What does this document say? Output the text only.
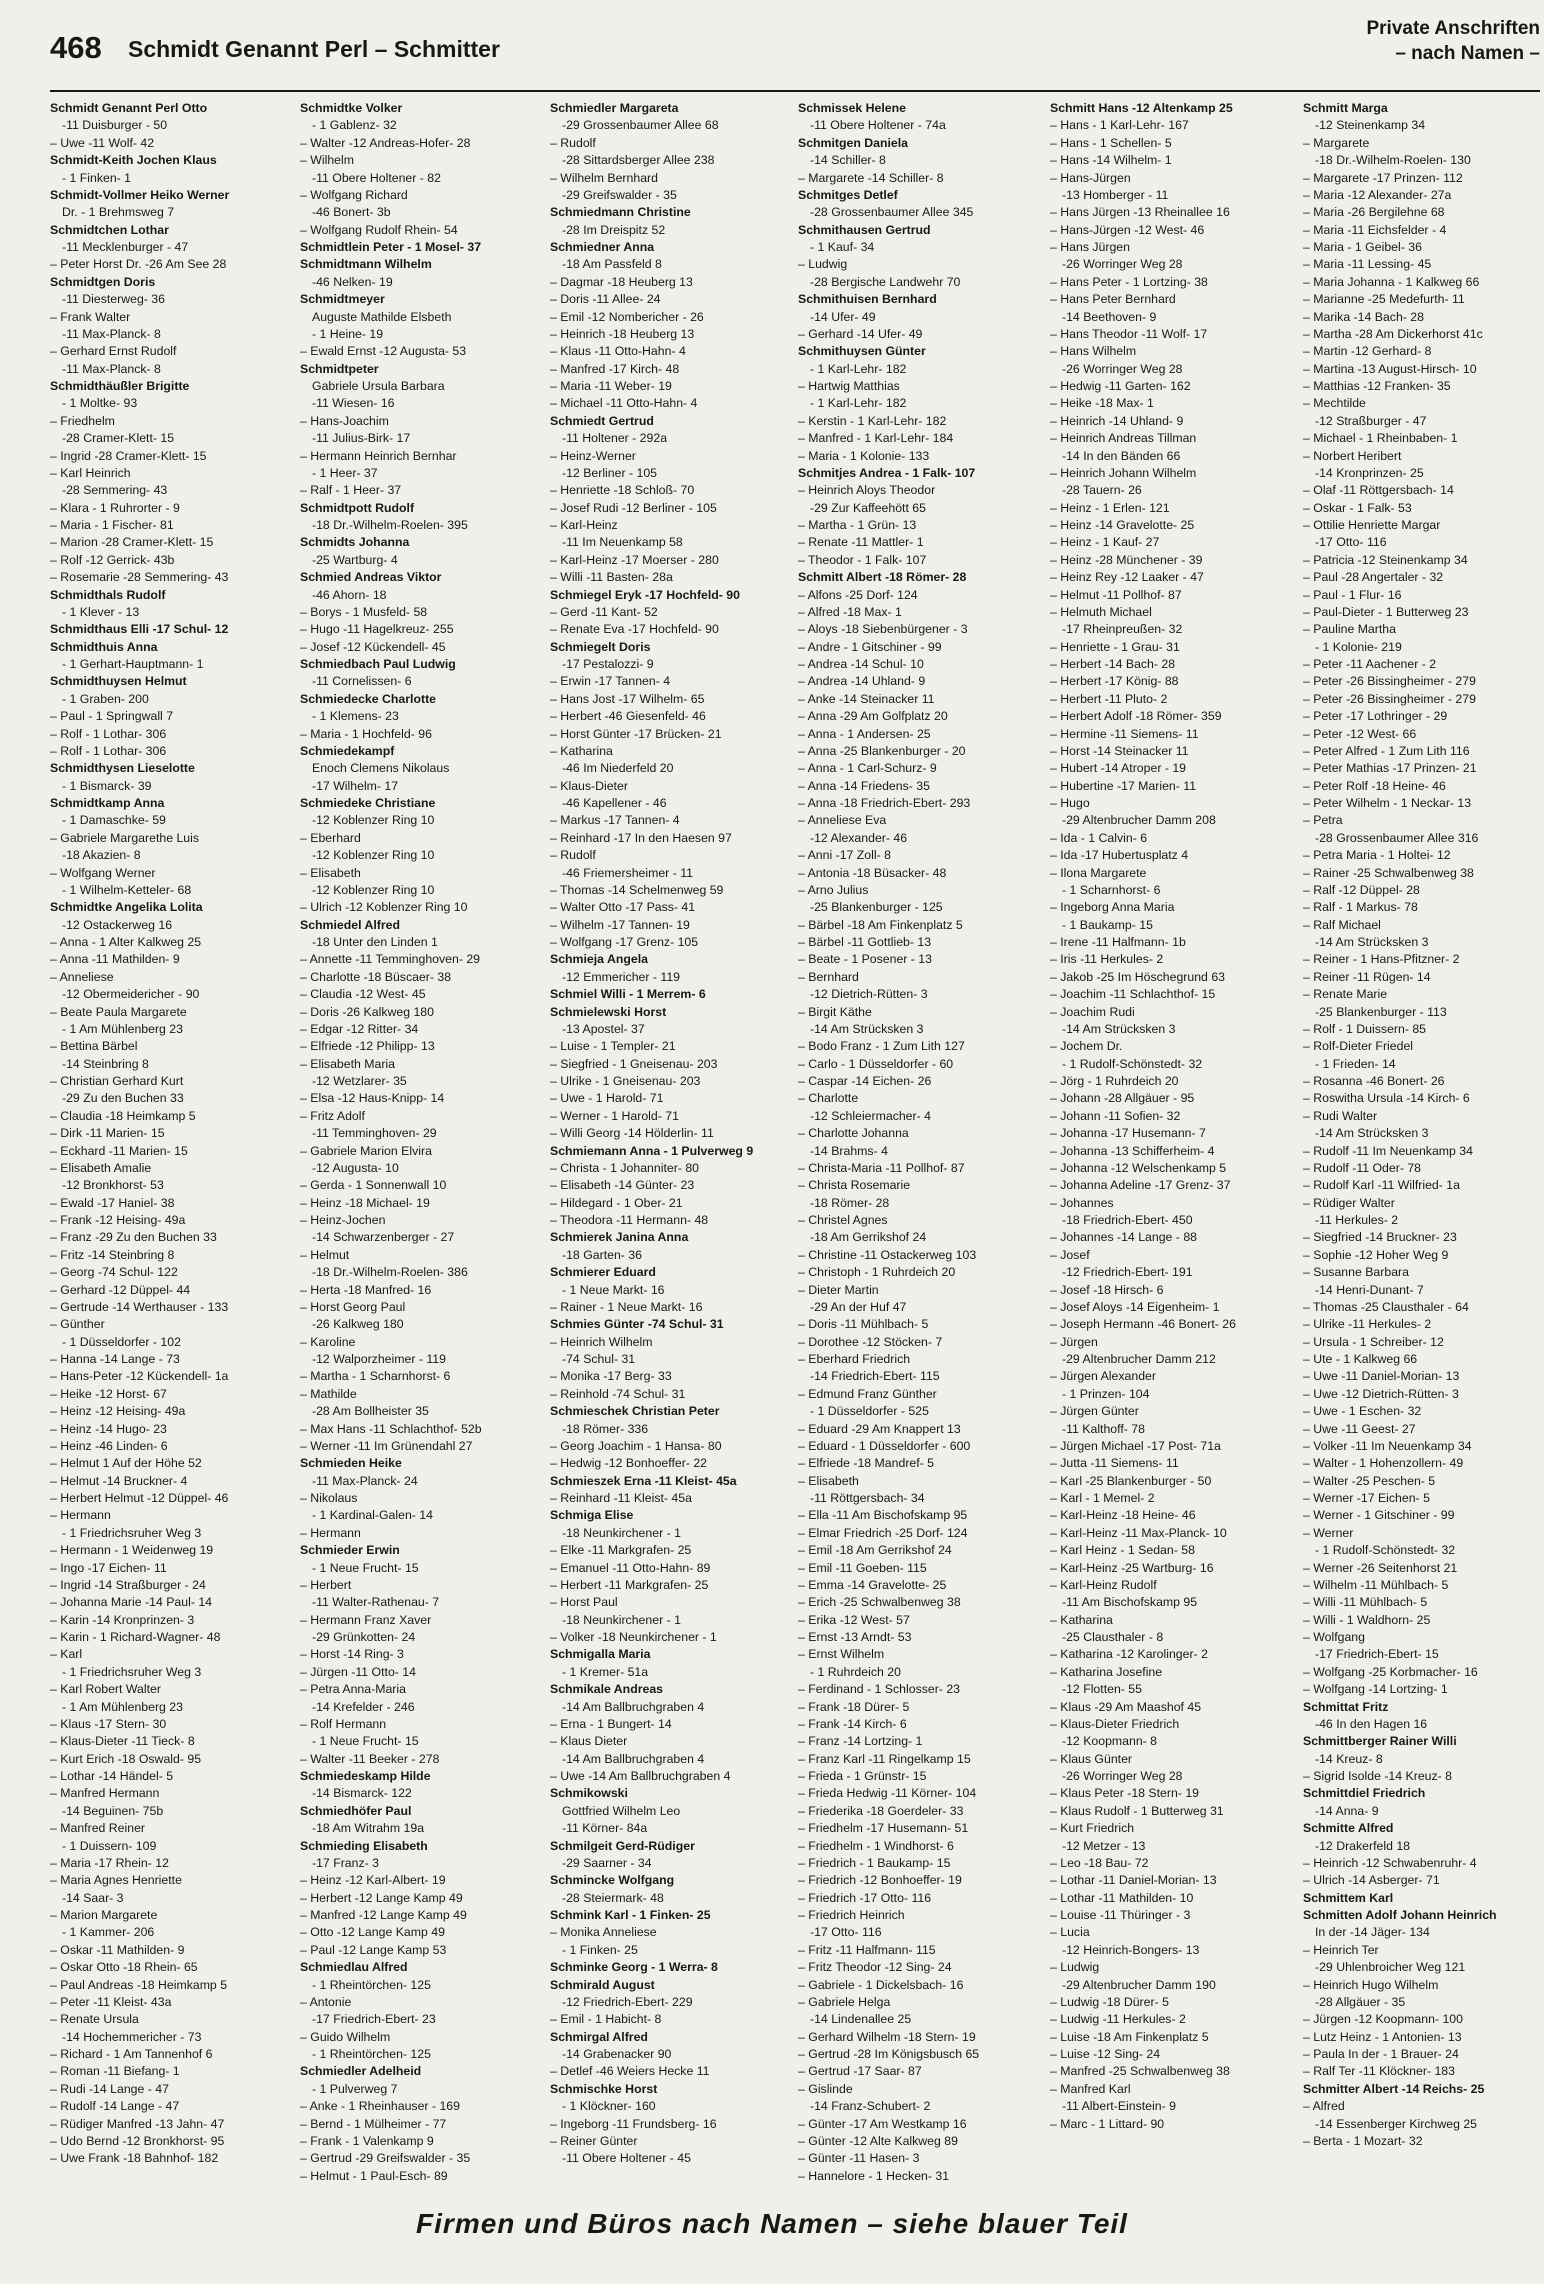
468 Schmidt Genannt Perl – Schmitter
Private Anschriften
– nach Namen –
Schmidt Genannt Perl Otto
-11 Duisburger - 50
– Uwe -11 Wolf- 42
Schmidt-Keith Jochen Klaus
- 1 Finken- 1
Schmidt-Vollmer Heiko Werner
Dr. - 1 Brehmsweg 7
Schmidtchen Lothar
-11 Mecklenburger - 47
– Peter Horst Dr. -26 Am See 28
Schmidtgen Doris
-11 Diesterweg- 36
– Frank Walter
-11 Max-Planck- 8
– Gerhard Ernst Rudolf
-11 Max-Planck- 8
Schmidthäußler Brigitte
- 1 Moltke- 93
– Friedhelm
-28 Cramer-Klett- 15
– Ingrid -28 Cramer-Klett- 15
– Karl Heinrich
-28 Semmering- 43
– Klara - 1 Ruhrorter - 9
– Maria - 1 Fischer- 81
– Marion -28 Cramer-Klett- 15
– Rolf -12 Gerrick- 43b
– Rosemarie -28 Semmering- 43
Schmidthals Rudolf
- 1 Klever - 13
Schmidthaus Elli -17 Schul- 12
Schmidthuis Anna
- 1 Gerhart-Hauptmann- 1
Schmidthuysen Helmut
- 1 Graben- 200
– Paul - 1 Springwall 7
– Rolf - 1 Lothar- 306
– Rolf - 1 Lothar- 306
Schmidthysen Lieselotte
- 1 Bismarck- 39
Schmidtkamp Anna
- 1 Damaschke- 59
– Gabriele Margarethe Luis
-18 Akazien- 8
– Wolfgang Werner
- 1 Wilhelm-Ketteler- 68
Schmidtke Angelika Lolita
-12 Ostackerweg 16
– Anna - 1 Alter Kalkweg 25
– Anna -11 Mathilden- 9
– Anneliese
-12 Obermeidericher - 90
– Beate Paula Margarete
- 1 Am Mühlenberg 23
– Bettina Bärbel
-14 Steinbring 8
– Christian Gerhard Kurt
-29 Zu den Buchen 33
– Claudia -18 Heimkamp 5
– Dirk -11 Marien- 15
– Eckhard -11 Marien- 15
– Elisabeth Amalie
-12 Bronkhorst- 53
– Ewald -17 Haniel- 38
– Frank -12 Heising- 49a
– Franz -29 Zu den Buchen 33
– Fritz -14 Steinbring 8
– Georg -74 Schul- 122
– Gerhard -12 Düppel- 44
– Gertrude -14 Werthauser - 133
– Günther
- 1 Düsseldorfer - 102
– Hanna -14 Lange - 73
– Hans-Peter -12 Kückendell- 1a
– Heike -12 Horst- 67
– Heinz -12 Heising- 49a
– Heinz -14 Hugo- 23
– Heinz -46 Linden- 6
– Helmut 1 Auf der Höhe 52
– Helmut -14 Bruckner- 4
– Herbert Helmut -12 Düppel- 46
– Hermann
- 1 Friedrichsruher Weg 3
– Hermann - 1 Weidenweg 19
– Ingo -17 Eichen- 11
– Ingrid -14 Straßburger - 24
– Johanna Marie -14 Paul- 14
– Karin -14 Kronprinzen- 3
– Karin - 1 Richard-Wagner- 48
– Karl
- 1 Friedrichsruher Weg 3
– Karl Robert Walter
- 1 Am Mühlenberg 23
– Klaus -17 Stern- 30
– Klaus-Dieter -11 Tieck- 8
– Kurt Erich -18 Oswald- 95
– Lothar -14 Händel- 5
– Manfred Hermann
-14 Beguinen- 75b
– Manfred Reiner
- 1 Duissern- 109
– Maria -17 Rhein- 12
– Maria Agnes Henriette
-14 Saar- 3
– Marion Margarete
- 1 Kammer- 206
– Oskar -11 Mathilden- 9
– Oskar Otto -18 Rhein- 65
– Paul Andreas -18 Heimkamp 5
– Peter -11 Kleist- 43a
– Renate Ursula
-14 Hochemmericher - 73
– Richard - 1 Am Tannenhof 6
– Roman -11 Biefang- 1
– Rudi -14 Lange - 47
– Rudolf -14 Lange - 47
– Rüdiger Manfred -13 Jahn- 47
– Udo Bernd -12 Bronkhorst- 95
– Uwe Frank -18 Bahnhof- 182
Schmidtke Volker
- 1 Gablenz- 32
– Walter -12 Andreas-Hofer- 28
– Wilhelm
-11 Obere Holtener - 82
– Wolfgang Richard
-46 Bonert- 3b
– Wolfgang Rudolf Rhein- 54
Schmidtlein Peter - 1 Mosel- 37
Schmidtmann Wilhelm
-46 Nelken- 19
Schmidtmeyer
Auguste Mathilde Elsbeth
- 1 Heine- 19
– Ewald Ernst -12 Augusta- 53
Schmidtpeter
Gabriele Ursula Barbara
-11 Wiesen- 16
– Hans-Joachim
-11 Julius-Birk- 17
– Hermann Heinrich Bernhar
- 1 Heer- 37
– Ralf - 1 Heer- 37
Schmidtpott Rudolf
-18 Dr.-Wilhelm-Roelen- 395
Schmidts Johanna
-25 Wartburg- 4
Schmied Andreas Viktor
-46 Ahorn- 18
– Borys - 1 Musfeld- 58
– Hugo -11 Hagelkreuz- 255
– Josef -12 Kückendell- 45
Schmiedbach Paul Ludwig
-11 Cornelissen- 6
Schmiedecke Charlotte
- 1 Klemens- 23
– Maria - 1 Hochfeld- 96
Schmiedekampf
Enoch Clemens Nikolaus
-17 Wilhelm- 17
Schmiedeke Christiane
-12 Koblenzer Ring 10
– Eberhard
-12 Koblenzer Ring 10
– Elisabeth
-12 Koblenzer Ring 10
– Ulrich -12 Koblenzer Ring 10
Schmiedel Alfred
-18 Unter den Linden 1
– Annette -11 Temminghoven- 29
– Charlotte -18 Büscaer- 38
– Claudia -12 West- 45
– Doris -26 Kalkweg 180
– Edgar -12 Ritter- 34
– Elfriede -12 Philipp- 13
– Elisabeth Maria
-12 Wetzlarer- 35
– Elsa -12 Haus-Knipp- 14
– Fritz Adolf
-11 Temminghoven- 29
– Gabriele Marion Elvira
-12 Augusta- 10
– Gerda - 1 Sonnenwall 10
– Heinz -18 Michael- 19
– Heinz-Jochen
-14 Schwarzenberger - 27
– Helmut
-18 Dr.-Wilhelm-Roelen- 386
– Herta -18 Manfred- 16
– Horst Georg Paul
-26 Kalkweg 180
– Karoline
-12 Walporzheimer - 119
– Martha - 1 Scharnhorst- 6
– Mathilde
-28 Am Bollheister 35
– Max Hans -11 Schlachthof- 52b
– Werner -11 Im Grünendahl 27
Schmieden Heike
-11 Max-Planck- 24
– Nikolaus
- 1 Kardinal-Galen- 14
– Hermann
Schmieder Erwin
- 1 Neue Frucht- 15
– Herbert
-11 Walter-Rathenau- 7
– Hermann Franz Xaver
-29 Grünkotten- 24
– Horst -14 Ring- 3
– Jürgen -11 Otto- 14
– Petra Anna-Maria
-14 Krefelder - 246
– Rolf Hermann
- 1 Neue Frucht- 15
– Walter -11 Beeker - 278
Schmiedeskamp Hilde
-14 Bismarck- 122
Schmiedhöfer Paul
-18 Am Witrahm 19a
Schmieding Elisabeth
-17 Franz- 3
– Heinz -12 Karl-Albert- 19
– Herbert -12 Lange Kamp 49
– Manfred -12 Lange Kamp 49
– Otto -12 Lange Kamp 49
– Paul -12 Lange Kamp 53
Schmiedlau Alfred
- 1 Rheintörchen- 125
– Antonie
-17 Friedrich-Ebert- 23
– Guido Wilhelm
- 1 Rheintörchen- 125
Schmiedler Adelheid
- 1 Pulverweg 7
– Anke - 1 Rheinhauser - 169
– Bernd - 1 Mülheimer - 77
– Frank - 1 Valenkamp 9
– Gertrud -29 Greifswalder - 35
– Helmut - 1 Paul-Esch- 89
Schmiedler Margareta
-29 Grossenbaumer Allee 68
– Rudolf
-28 Sittardsberger Allee 238
– Wilhelm Bernhard
-29 Greifswalder - 35
Schmiedmann Christine
-28 Im Dreispitz 52
Schmiedner Anna
-18 Am Passfeld 8
– Dagmar -18 Heuberg 13
– Doris -11 Allee- 24
– Emil -12 Nombericher - 26
– Heinrich -18 Heuberg 13
– Klaus -11 Otto-Hahn- 4
– Manfred -17 Kirch- 48
– Maria -11 Weber- 19
– Michael -11 Otto-Hahn- 4
Schmiedt Gertrud
-11 Holtener - 292a
– Heinz-Werner
-12 Berliner - 105
– Henriette -18 Schloß- 70
– Josef Rudi -12 Berliner - 105
– Karl-Heinz
-11 Im Neuenkamp 58
– Karl-Heinz -17 Moerser - 280
– Willi -11 Basten- 28a
Schmiegel Eryk -17 Hochfeld- 90
– Gerd -11 Kant- 52
– Renate Eva -17 Hochfeld- 90
Schmiegelt Doris
-17 Pestalozzi- 9
– Erwin -17 Tannen- 4
– Hans Jost -17 Wilhelm- 65
– Herbert -46 Giesenfeld- 46
– Horst Günter -17 Brücken- 21
– Katharina
-46 Im Niederfeld 20
– Klaus-Dieter
-46 Kapellener - 46
– Markus -17 Tannen- 4
– Reinhard -17 In den Haesen 97
– Rudolf
-46 Friemersheimer - 11
– Thomas -14 Schelmenweg 59
– Walter Otto -17 Pass- 41
– Wilhelm -17 Tannen- 19
– Wolfgang -17 Grenz- 105
Schmieja Angela
-12 Emmericher - 119
Schmiel Willi - 1 Merrem- 6
Schmielewski Horst
-13 Apostel- 37
– Luise - 1 Templer- 21
– Siegfried - 1 Gneisenau- 203
– Ulrike - 1 Gneisenau- 203
– Uwe - 1 Harold- 71
– Werner - 1 Harold- 71
– Willi Georg -14 Hölderlin- 11
Schmiemann Anna - 1 Pulverweg 9
– Christa - 1 Johanniter- 80
– Elisabeth -14 Günter- 23
– Hildegard - 1 Ober- 21
– Theodora -11 Hermann- 48
Schmierek Janina Anna
-18 Garten- 36
Schmierer Eduard
- 1 Neue Markt- 16
– Rainer - 1 Neue Markt- 16
Schmies Günter -74 Schul- 31
– Heinrich Wilhelm
-74 Schul- 31
– Monika -17 Berg- 33
– Reinhold -74 Schul- 31
Schmieschek Christian Peter
-18 Römer- 336
– Georg Joachim - 1 Hansa- 80
– Hedwig -12 Bonhoeffer- 22
Schmieszek Erna -11 Kleist- 45a
– Reinhard -11 Kleist- 45a
Schmiga Elise
-18 Neunkirchener - 1
– Elke -11 Markgrafen- 25
– Emanuel -11 Otto-Hahn- 89
– Herbert -11 Markgrafen- 25
– Horst Paul
-18 Neunkirchener - 1
– Volker -18 Neunkirchener - 1
Schmigalla Maria
- 1 Kremer- 51a
Schmikale Andreas
-14 Am Ballbruchgraben 4
– Erna - 1 Bungert- 14
– Klaus Dieter
-14 Am Ballbruchgraben 4
– Uwe -14 Am Ballbruchgraben 4
Schmikowski
Gottfried Wilhelm Leo
-11 Körner- 84a
Schmilgeit Gerd-Rüdiger
-29 Saarner - 34
Schmincke Wolfgang
-28 Steiermark- 48
Schmink Karl - 1 Finken- 25
– Monika Anneliese
- 1 Finken- 25
Schminke Georg - 1 Werra- 8
Schmirald August
-12 Friedrich-Ebert- 229
– Emil - 1 Habicht- 8
Schmirgal Alfred
-14 Grabenacker 90
– Detlef -46 Weiers Hecke 11
Schmischke Horst
- 1 Klöckner- 160
– Ingeborg -11 Frundsberg- 16
– Reiner Günter
-11 Obere Holtener - 45
Schmissek Helene
-11 Obere Holtener - 74a
Schmitgen Daniela
-14 Schiller- 8
– Margarete -14 Schiller- 8
Schmitges Detlef
-28 Grossenbaumer Allee 345
Schmithausen Gertrud
- 1 Kauf- 34
– Ludwig
-28 Bergische Landwehr 70
Schmithuisen Bernhard
-14 Ufer- 49
– Gerhard -14 Ufer- 49
Schmithuysen Günter
- 1 Karl-Lehr- 182
– Hartwig Matthias
- 1 Karl-Lehr- 182
– Kerstin - 1 Karl-Lehr- 182
– Manfred - 1 Karl-Lehr- 184
– Maria - 1 Kolonie- 133
Schmitjes Andrea - 1 Falk- 107
– Heinrich Aloys Theodor
-29 Zur Kaffeehött 65
– Martha - 1 Grün- 13
– Renate -11 Mattler- 1
– Theodor - 1 Falk- 107
Schmitt Albert -18 Römer- 28
– Alfons -25 Dorf- 124
– Alfred -18 Max- 1
– Aloys -18 Siebenbürgener - 3
– Andre - 1 Gitschiner - 99
– Andrea -14 Schul- 10
– Andrea -14 Uhland- 9
– Anke -14 Steinacker 11
– Anna -29 Am Golfplatz 20
– Anna - 1 Andersen- 25
– Anna -25 Blankenburger - 20
– Anna - 1 Carl-Schurz- 9
– Anna -14 Friedens- 35
– Anna -18 Friedrich-Ebert- 293
– Anneliese Eva
-12 Alexander- 46
– Anni -17 Zoll- 8
– Antonia -18 Büsacker- 48
– Arno Julius
-25 Blankenburger - 125
– Bärbel -18 Am Finkenplatz 5
– Bärbel -11 Gottlieb- 13
– Beate - 1 Posener - 13
– Bernhard
-12 Dietrich-Rütten- 3
– Birgit Käthe
-14 Am Strücksken 3
– Bodo Franz - 1 Zum Lith 127
– Carlo - 1 Düsseldorfer - 60
– Caspar -14 Eichen- 26
– Charlotte
-12 Schleiermacher- 4
– Charlotte Johanna
-14 Brahms- 4
– Christa-Maria -11 Pollhof- 87
– Christa Rosemarie
-18 Römer- 28
– Christel Agnes
-18 Am Gerrikshof 24
– Christine -11 Ostackerweg 103
– Christoph - 1 Ruhrdeich 20
– Dieter Martin
-29 An der Huf 47
– Doris -11 Mühlbach- 5
– Dorothee -12 Stöcken- 7
– Eberhard Friedrich
-14 Friedrich-Ebert- 115
– Edmund Franz Günther
- 1 Düsseldorfer - 525
– Eduard -29 Am Knappert 13
– Eduard - 1 Düsseldorfer - 600
– Elfriede -18 Mandref- 5
– Elisabeth
-11 Röttgersbach- 34
– Ella -11 Am Bischofskamp 95
– Elmar Friedrich -25 Dorf- 124
– Emil -18 Am Gerrikshof 24
– Emil -11 Goeben- 115
– Emma -14 Gravelotte- 25
– Erich -25 Schwalbenweg 38
– Erika -12 West- 57
– Ernst -13 Arndt- 53
– Ernst Wilhelm
- 1 Ruhrdeich 20
– Ferdinand - 1 Schlosser- 23
– Frank -18 Dürer- 5
– Frank -14 Kirch- 6
– Franz -14 Lortzing- 1
– Franz Karl -11 Ringelkamp 15
– Frieda - 1 Grünstr- 15
– Frieda Hedwig -11 Körner- 104
– Friederika -18 Goerdeler- 33
– Friedhelm -17 Husemann- 51
– Friedhelm - 1 Windhorst- 6
– Friedrich - 1 Baukamp- 15
– Friedrich -12 Bonhoeffer- 19
– Friedrich -17 Otto- 116
– Friedrich Heinrich
-17 Otto- 116
– Fritz -11 Halfmann- 115
– Fritz Theodor -12 Sing- 24
– Gabriele - 1 Dickelsbach- 16
– Gabriele Helga
-14 Lindenallee 25
– Gerhard Wilhelm -18 Stern- 19
– Gertrud -28 Im Königsbusch 65
– Gertrud -17 Saar- 87
– Gislinde
-14 Franz-Schubert- 2
– Günter -17 Am Westkamp 16
– Günter -12 Alte Kalkweg 89
– Günter -11 Hasen- 3
– Hannelore - 1 Hecken- 31
Schmitt Hans -12 Altenkamp 25
– Hans - 1 Karl-Lehr- 167
– Hans - 1 Schellen- 5
– Hans -14 Wilhelm- 1
– Hans-Jürgen
-13 Homberger - 11
– Hans Jürgen -13 Rheinallee 16
– Hans-Jürgen -12 West- 46
– Hans Jürgen
-26 Worringer Weg 28
– Hans Peter - 1 Lortzing- 38
– Hans Peter Bernhard
-14 Beethoven- 9
– Hans Theodor -11 Wolf- 17
– Hans Wilhelm
-26 Worringer Weg 28
– Hedwig -11 Garten- 162
– Heike -18 Max- 1
– Heinrich -14 Uhland- 9
– Heinrich Andreas Tillman
-14 In den Bänden 66
– Heinrich Johann Wilhelm
-28 Tauern- 26
– Heinz - 1 Erlen- 121
– Heinz -14 Gravelotte- 25
– Heinz - 1 Kauf- 27
– Heinz -28 Münchener - 39
– Heinz Rey -12 Laaker - 47
– Helmut -11 Pollhof- 87
– Helmuth Michael
-17 Rheinpreußen- 32
– Henriette - 1 Grau- 31
– Herbert -14 Bach- 28
– Herbert -17 König- 88
– Herbert -11 Pluto- 2
– Herbert Adolf -18 Römer- 359
– Hermine -11 Siemens- 11
– Horst -14 Steinacker 11
– Hubert -14 Atroper - 19
– Hubertine -17 Marien- 11
– Hugo
-29 Altenbrucher Damm 208
– Ida - 1 Calvin- 6
– Ida -17 Hubertusplatz 4
– Ilona Margarete
- 1 Scharnhorst- 6
– Ingeborg Anna Maria
- 1 Baukamp- 15
– Irene -11 Halfmann- 1b
– Iris -11 Herkules- 2
– Jakob -25 Im Höschegrund 63
– Joachim -11 Schlachthof- 15
– Joachim Rudi
-14 Am Strücksken 3
– Jochem Dr.
- 1 Rudolf-Schönstedt- 32
– Jörg - 1 Ruhrdeich 20
– Johann -28 Allgäuer - 95
– Johann -11 Sofien- 32
– Johanna -17 Husemann- 7
– Johanna -13 Schifferheim- 4
– Johanna -12 Welschenkamp 5
– Johanna Adeline -17 Grenz- 37
– Johannes
-18 Friedrich-Ebert- 450
– Johannes -14 Lange - 88
– Josef
-12 Friedrich-Ebert- 191
– Josef -18 Hirsch- 6
– Josef Aloys -14 Eigenheim- 1
– Joseph Hermann -46 Bonert- 26
– Jürgen
-29 Altenbrucher Damm 212
– Jürgen Alexander
- 1 Prinzen- 104
– Jürgen Günter
-11 Kalthoff- 78
– Jürgen Michael -17 Post- 71a
– Jutta -11 Siemens- 11
– Karl -25 Blankenburger - 50
– Karl - 1 Memel- 2
– Karl-Heinz -18 Heine- 46
– Karl-Heinz -11 Max-Planck- 10
– Karl Heinz - 1 Sedan- 58
– Karl-Heinz -25 Wartburg- 16
– Karl-Heinz Rudolf
-11 Am Bischofskamp 95
– Katharina
-25 Clausthaler - 8
– Katharina -12 Karolinger- 2
– Katharina Josefine
-12 Flotten- 55
– Klaus -29 Am Maashof 45
– Klaus-Dieter Friedrich
-12 Koopmann- 8
– Klaus Günter
-26 Worringer Weg 28
– Klaus Peter -18 Stern- 19
– Klaus Rudolf - 1 Butterweg 31
– Kurt Friedrich
-12 Metzer - 13
– Leo -18 Bau- 72
– Lothar -11 Daniel-Morian- 13
– Lothar -11 Mathilden- 10
– Louise -11 Thüringer - 3
– Lucia
-12 Heinrich-Bongers- 13
– Ludwig
-29 Altenbrucher Damm 190
– Ludwig -18 Dürer- 5
– Ludwig -11 Herkules- 2
– Luise -18 Am Finkenplatz 5
– Luise -12 Sing- 24
– Manfred -25 Schwalbenweg 38
– Manfred Karl
-11 Albert-Einstein- 9
– Marc - 1 Littard- 90
Schmitt Marga
-12 Steinenkamp 34
– Margarete
-18 Dr.-Wilhelm-Roelen- 130
– Margarete -17 Prinzen- 112
– Maria -12 Alexander- 27a
– Maria -26 Bergilehne 68
– Maria -11 Eichsfelder - 4
– Maria - 1 Geibel- 36
– Maria -11 Lessing- 45
– Maria Johanna - 1 Kalkweg 66
– Marianne -25 Medefurth- 11
– Marika -14 Bach- 28
– Martha -28 Am Dickerhorst 41c
– Martin -12 Gerhard- 8
– Martina -13 August-Hirsch- 10
– Matthias -12 Franken- 35
– Mechtilde
-12 Straßburger - 47
– Michael - 1 Rheinbaben- 1
– Norbert Heribert
-14 Kronprinzen- 25
– Olaf -11 Röttgersbach- 14
– Oskar - 1 Falk- 53
– Ottilie Henriette Margar
-17 Otto- 116
– Patricia -12 Steinenkamp 34
– Paul -28 Angertaler - 32
– Paul - 1 Flur- 16
– Paul-Dieter - 1 Butterweg 23
– Pauline Martha
- 1 Kolonie- 219
– Peter -11 Aachener - 2
– Peter -26 Bissingheimer - 279
– Peter -26 Bissingheimer - 279
– Peter -17 Lothringer - 29
– Peter -12 West- 66
– Peter Alfred - 1 Zum Lith 116
– Peter Mathias -17 Prinzen- 21
– Peter Rolf -18 Heine- 46
– Peter Wilhelm - 1 Neckar- 13
– Petra
-28 Grossenbaumer Allee 316
– Petra Maria - 1 Holtei- 12
– Rainer -25 Schwalbenweg 38
– Ralf -12 Düppel- 28
– Ralf - 1 Markus- 78
– Ralf Michael
-14 Am Strücksken 3
– Reiner - 1 Hans-Pfitzner- 2
– Reiner -11 Rügen- 14
– Renate Marie
-25 Blankenburger - 113
– Rolf - 1 Duissern- 85
– Rolf-Dieter Friedel
- 1 Frieden- 14
– Rosanna -46 Bonert- 26
– Roswitha Ursula -14 Kirch- 6
– Rudi Walter
-14 Am Strücksken 3
– Rudolf -11 Im Neuenkamp 34
– Rudolf -11 Oder- 78
– Rudolf Karl -11 Wilfried- 1a
– Rüdiger Walter
-11 Herkules- 2
– Siegfried -14 Bruckner- 23
– Sophie -12 Hoher Weg 9
– Susanne Barbara
-14 Henri-Dunant- 7
– Thomas -25 Clausthaler - 64
– Ulrike -11 Herkules- 2
– Ursula - 1 Schreiber- 12
– Ute - 1 Kalkweg 66
– Uwe -11 Daniel-Morian- 13
– Uwe -12 Dietrich-Rütten- 3
– Uwe - 1 Eschen- 32
– Uwe -11 Geest- 27
– Volker -11 Im Neuenkamp 34
– Walter - 1 Hohenzollern- 49
– Walter -25 Peschen- 5
– Werner -17 Eichen- 5
– Werner - 1 Gitschiner - 99
– Werner
- 1 Rudolf-Schönstedt- 32
– Werner -26 Seitenhorst 21
– Wilhelm -11 Mühlbach- 5
– Willi -11 Mühlbach- 5
– Willi - 1 Waldhorn- 25
– Wolfgang
-17 Friedrich-Ebert- 15
– Wolfgang -25 Korbmacher- 16
– Wolfgang -14 Lortzing- 1
Schmittat Fritz
-46 In den Hagen 16
Schmittberger Rainer Willi
-14 Kreuz- 8
– Sigrid Isolde -14 Kreuz- 8
Schmittdiel Friedrich
-14 Anna- 9
Schmitte Alfred
-12 Drakerfeld 18
– Heinrich -12 Schwabenruhr- 4
– Ulrich -14 Asberger- 71
Schmittem Karl
Schmitten Adolf Johann Heinrich
In der -14 Jäger- 134
– Heinrich Ter
-29 Uhlenbroicher Weg 121
– Heinrich Hugo Wilhelm
-28 Allgäuer - 35
– Jürgen -12 Koopmann- 100
– Lutz Heinz - 1 Antonien- 13
– Paula In der - 1 Brauer- 24
– Ralf Ter -11 Klöckner- 183
Schmitter Albert -14 Reichs- 25
– Alfred
-14 Essenberger Kirchweg 25
– Berta - 1 Mozart- 32
Firmen und Büros nach Namen – siehe blauer Teil
